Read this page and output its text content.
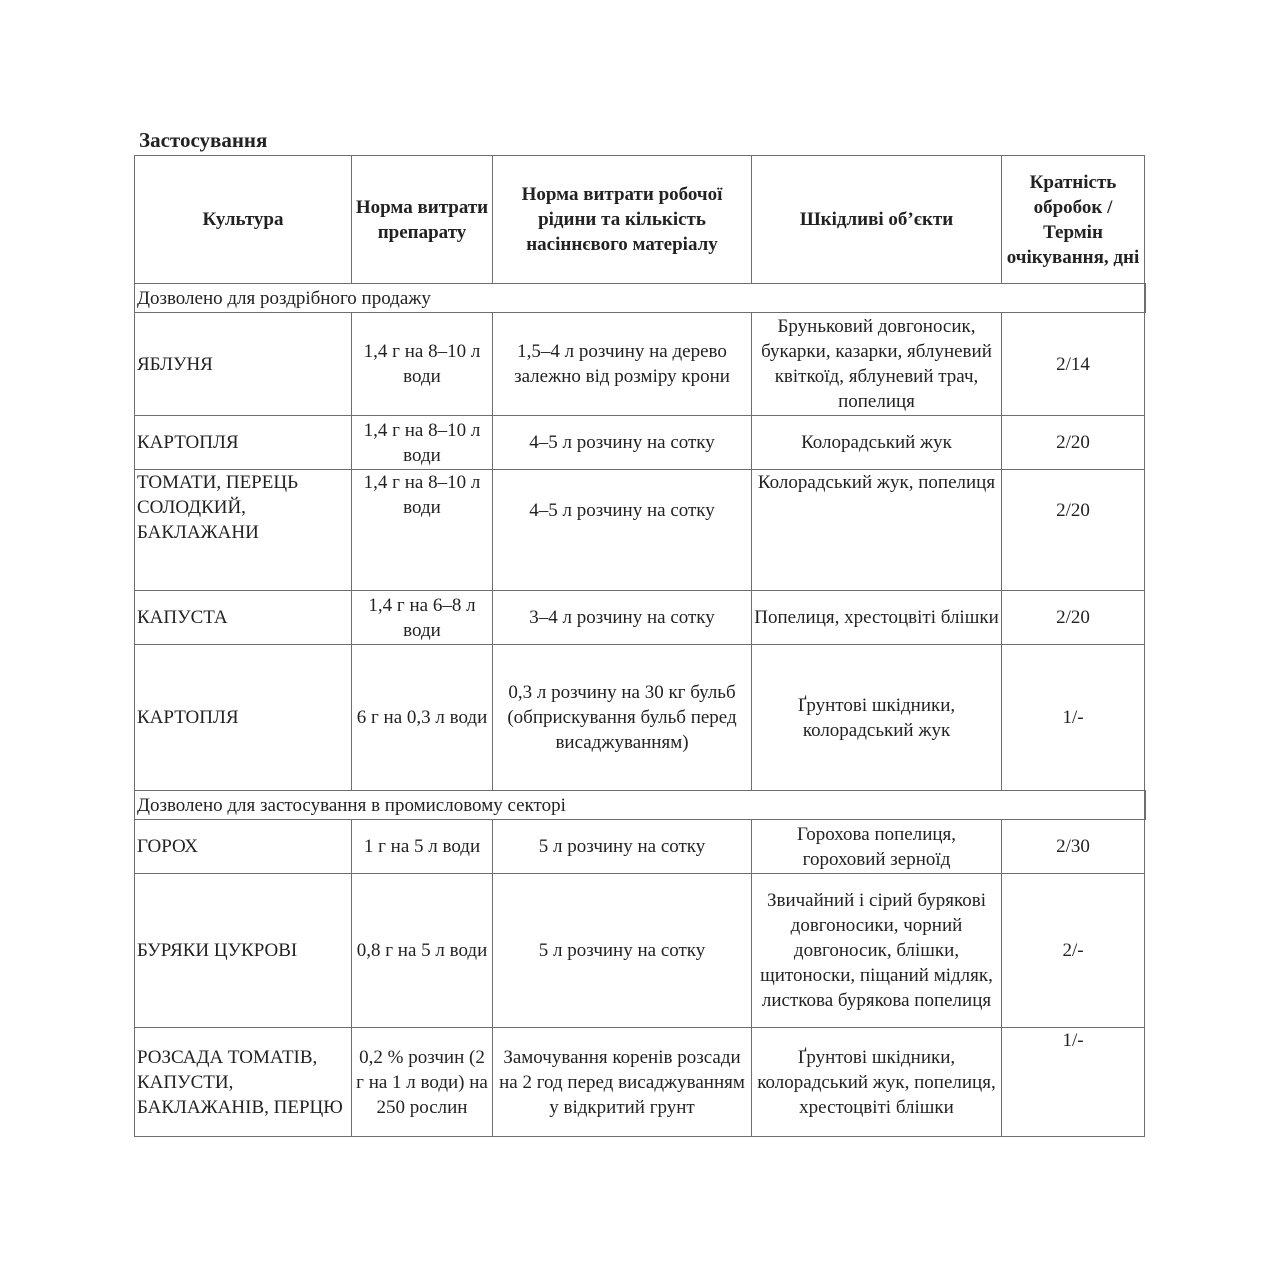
Застосування
Культура	Норма витрати препарату	Норма витрати робочої рідини та кількість насіннєвого матеріалу	Шкідливі об’єкти	Кратність обробок / Термін очікування, дні
Дозволено для роздрібного продажу				
ЯБЛУНЯ	1,4 г на 8–10 л води	1,5–4 л розчину на дерево залежно від розміру крони	Бруньковий довгоносик, букарки, казарки, яблуневий квіткоїд, яблуневий трач, попелиця	2/14
КАРТОПЛЯ	1,4 г на 8–10 л води	4–5 л розчину на сотку	Колорадський жук	2/20
ТОМАТИ, ПЕРЕЦЬ СОЛОДКИЙ, БАКЛАЖАНИ	1,4 г на 8–10 л води	4–5 л розчину на сотку	Колорадський жук, попелиця	2/20
КАПУСТА	1,4 г на 6–8 л води	3–4 л розчину на сотку	Попелиця, хрестоцвіті блішки	2/20
КАРТОПЛЯ	6 г на 0,3 л води	0,3 л розчину на 30 кг бульб (обприскування бульб перед висаджуванням)	Ґрунтові шкідники, колорадський жук	1/-
Дозволено для застосування в промисловому секторі				
ГОРОХ	1 г на 5 л води	5 л розчину на сотку	Горохова попелиця, гороховий зерноїд	2/30
БУРЯКИ ЦУКРОВІ	0,8 г на 5 л води	5 л розчину на сотку	Звичайний і сірий бурякові довгоносики, чорний довгоносик, блішки, щитоноски, піщаний мідляк, листкова бурякова попелиця	2/-
РОЗСАДА ТОМАТІВ, КАПУСТИ, БАКЛАЖАНІВ, ПЕРЦЮ	0,2 % розчин (2 г на 1 л води) на 250 рослин	Замочування коренів розсади на 2 год перед висаджуванням у відкритий грунт	Ґрунтові шкідники, колорадський жук, попелиця, хрестоцвіті блішки	1/-
